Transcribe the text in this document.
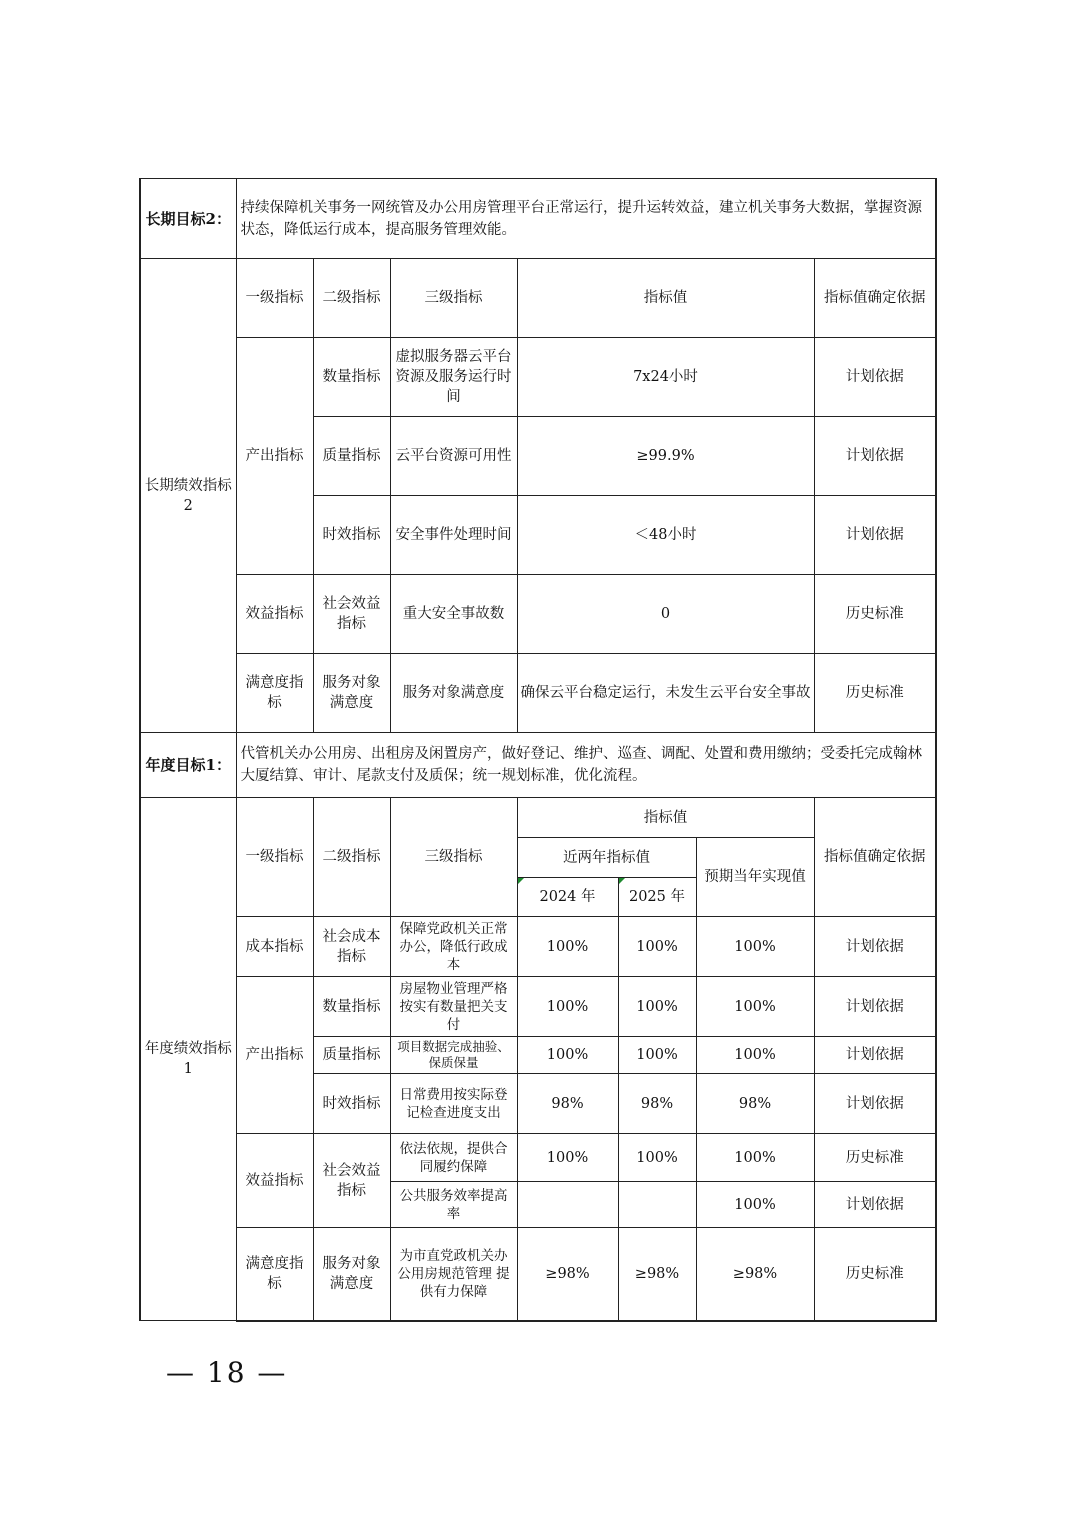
长期目标2：	持续保障机关事务一网统管及办公用房管理平台正常运行，提升运转效益，建立机关事务大数据，掌握资源状态，降低运行成本，提高服务管理效能。						
长期绩效指标2	一级指标	二级指标	三级指标	指标值			指标值确定依据
	产出指标	数量指标	虚拟服务器云平台资源及服务运行时间	7x24小时			计划依据
		质量指标	云平台资源可用性	≥99.9%			计划依据
		时效指标	安全事件处理时间	＜48小时			计划依据
	效益指标	社会效益指标	重大安全事故数	0			历史标准
	满意度指标	服务对象满意度	服务对象满意度	确保云平台稳定运行，未发生云平台安全事故			历史标准
年度目标1：	代管机关办公用房、出租房及闲置房产，做好登记、维护、巡查、调配、处置和费用缴纳；受委托完成翰林大厦结算、审计、尾款支付及质保；统一规划标准，优化流程。						
年度绩效指标1	一级指标	二级指标	三级指标	指标值			指标值确定依据
				近两年指标值		预期当年实现值	
				2024 年	2025 年		
	成本指标	社会成本指标	保障党政机关正常办公，降低行政成本	100%	100%	100%	计划依据
	产出指标	数量指标	房屋物业管理严格按实有数量把关支付	100%	100%	100%	计划依据
		质量指标	项目数据完成抽验、保质保量	100%	100%	100%	计划依据
		时效指标	日常费用按实际登记检查进度支出	98%	98%	98%	计划依据
	效益指标	社会效益指标	依法依规，提供合同履约保障	100%	100%	100%	历史标准
			公共服务效率提高率			100%	计划依据
	满意度指标	服务对象满意度	为市直党政机关办公用房规范管理 提供有力保障	≥98%	≥98%	≥98%	历史标准
— 18 —
